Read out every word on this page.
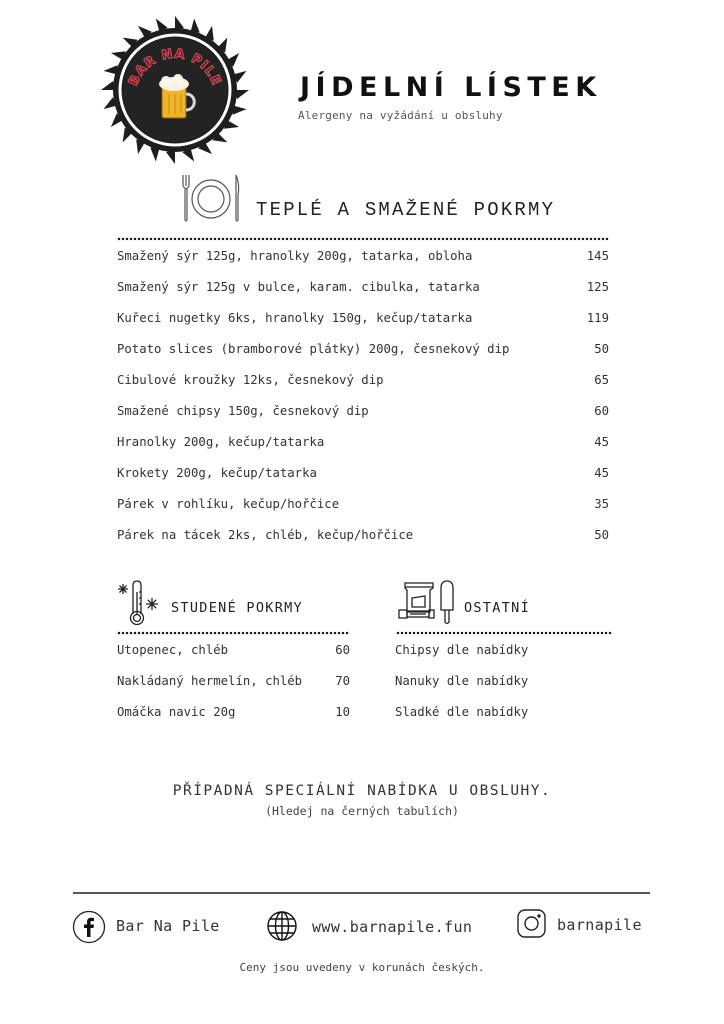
BAR NA PILE	JÍDELNÍ LÍSTEK
Alergeny na vyžádání u obsluhy
TEPLÉ A SMAŽENÉ POKRMY
Smažený sýr 125g, hranolky 200g, tatarka, obloha	145
Smažený sýr 125g v bulce, karam. cibulka, tatarka	125
Kuřeci nugetky 6ks, hranolky 150g, kečup/tatarka	119
Potato slices (bramborové plátky) 200g, česnekový dip	50
Cibulové kroužky 12ks, česnekový dip	65
Smažené chipsy 150g, česnekový dip	60
Hranolky 200g, kečup/tatarka	45
Krokety 200g, kečup/tatarka	45
Párek v rohlíku, kečup/hořčice	35
Párek na tácek 2ks, chléb, kečup/hořčice	50
STUDENÉ POKRMY
Utopenec, chléb	60
Nakládaný hermelín, chléb	70
Omáčka navic 20g	10
OSTATNÍ
Chipsy dle nabídky
Nanuky dle nabídky
Sladké dle nabídky
PŘÍPADNÁ SPECIÁLNÍ NABÍDKA U OBSLUHY.
(Hledej na černých tabulích)
Bar Na Pile	www.barnapile.fun	barnapile
Ceny jsou uvedeny v korunách českých.
